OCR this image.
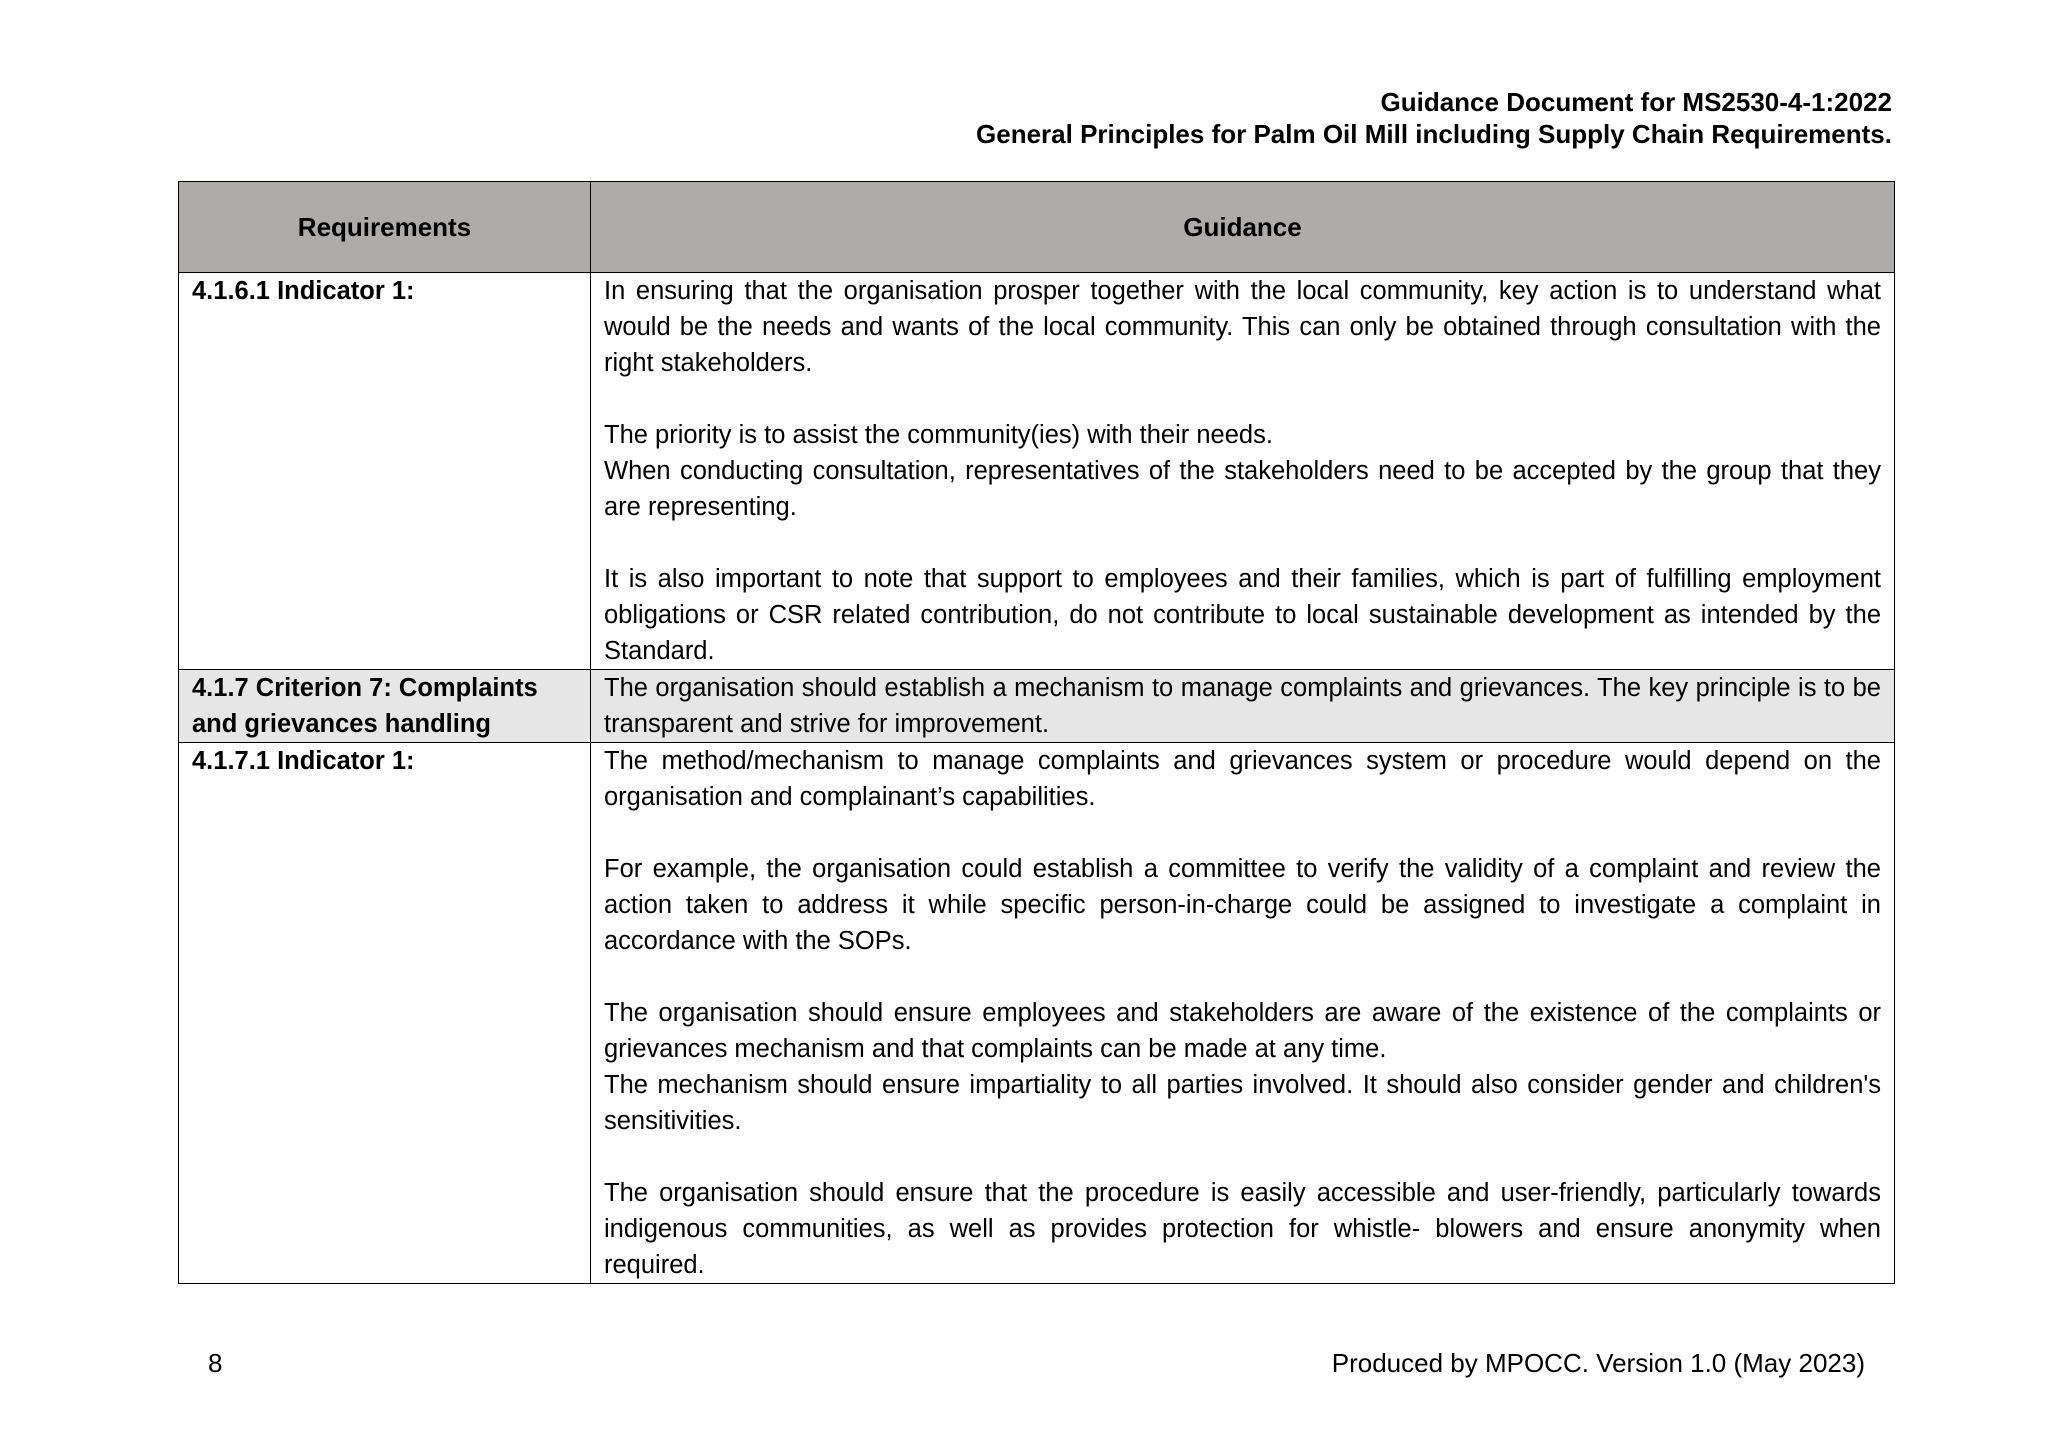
Guidance Document for MS2530-4-1:2022
General Principles for Palm Oil Mill including Supply Chain Requirements.
Requirements	Guidance
4.1.6.1 Indicator 1:	In ensuring that the organisation prosper together with the local community, key action is to understand what would be the needs and wants of the local community. This can only be obtained through consultation with the right stakeholders.

The priority is to assist the community(ies) with their needs.

When conducting consultation, representatives of the stakeholders need to be accepted by the group that they are representing.

It is also important to note that support to employees and their families, which is part of fulfilling employment obligations or CSR related contribution, do not contribute to local sustainable development as intended by the Standard.

4.1.7 Criterion 7: Complaints and grievances handling	The organisation should establish a mechanism to manage complaints and grievances. The key principle is to be transparent and strive for improvement.

4.1.7.1 Indicator 1:	The method/mechanism to manage complaints and grievances system or procedure would depend on the organisation and complainant’s capabilities.

For example, the organisation could establish a committee to verify the validity of a complaint and review the action taken to address it while specific person-in-charge could be assigned to investigate a complaint in accordance with the SOPs.

The organisation should ensure employees and stakeholders are aware of the existence of the complaints or grievances mechanism and that complaints can be made at any time.

The mechanism should ensure impartiality to all parties involved. It should also consider gender and children's sensitivities.

The organisation should ensure that the procedure is easily accessible and user-friendly, particularly towards indigenous communities, as well as provides protection for whistle- blowers and ensure anonymity when required.

8	Produced by MPOCC. Version 1.0 (May 2023)
